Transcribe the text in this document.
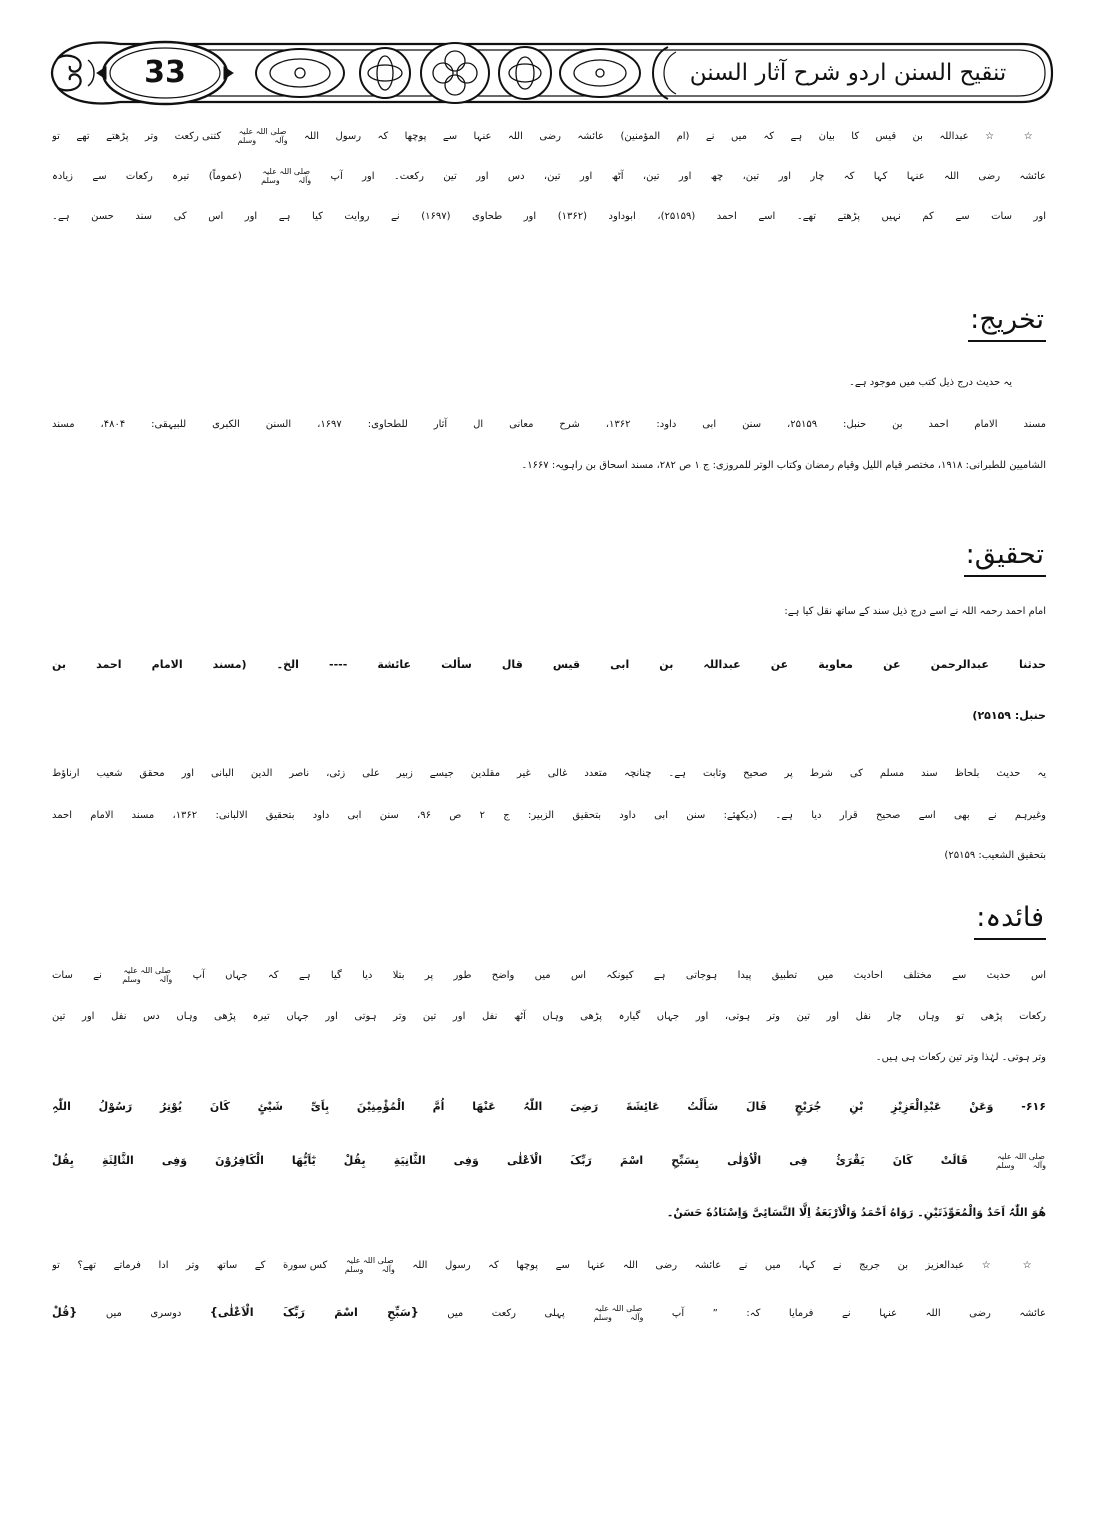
33	تنقیح السنن اردو شرح آثار السنن
☆ ☆ عبداللہ بن قیس کا بیان ہے کہ میں نے (ام المؤمنین) عائشہ رضی اللہ عنہا سے پوچھا کہ رسول اللہ صلی اللہ علیہ وآلہ وسلم کتنی رکعت وتر پڑھتے تھے تو
عائشہ رضی اللہ عنہا کہا کہ چار اور تین، چھ اور تین، آٹھ اور تین، دس اور تین رکعت۔ اور آپ صلی اللہ علیہ وآلہ وسلم (عموماً) تیرہ رکعات سے زیادہ
اور سات سے کم نہیں پڑھتے تھے۔ اسے احمد (۲۵۱۵۹)، ابوداود (۱۳۶۲) اور طحاوی (۱۶۹۷) نے روایت کیا ہے اور اس کی سند حسن ہے۔
تخریج:
یہ حدیث درج ذیل کتب میں موجود ہے۔
مسند الامام احمد بن حنبل: ۲۵۱۵۹، سنن ابی داود: ۱۳۶۲، شرح معانی ال آثار للطحاوی: ۱۶۹۷، السنن الکبری للبیہقی: ۴۸۰۴، مسند
الشامیین للطبرانی: ۱۹۱۸، مختصر قیام اللیل وقیام رمضان وکتاب الوتر للمروزی: ج ۱ ص ۲۸۲، مسند اسحاق بن راہویہ: ۱۶۶۷۔
تحقیق:
امام احمد رحمہ اللہ نے اسے درج ذیل سند کے ساتھ نقل کیا ہے:
حدثنا عبدالرحمن عن معاویة عن عبداللہ بن ابی قیس قال سألت عائشة ---- الخ۔ (مسند الامام احمد بن
حنبل: ۲۵۱۵۹)
یہ حدیث بلحاظ سند مسلم کی شرط پر صحیح وثابت ہے۔ چنانچہ متعدد غالی غیر مقلدین جیسے زبیر علی زئی، ناصر الدین البانی اور محقق شعیب ارناؤط
وغیرہم نے بھی اسے صحیح قرار دیا ہے۔ (دیکھئے: سنن ابی داود بتحقیق الزبیر: ج ۲ ص ۹۶، سنن ابی داود بتحقیق الالبانی: ۱۳۶۲، مسند الامام احمد
بتحقیق الشعیب: ۲۵۱۵۹)
فائدہ:
اس حدیث سے مختلف احادیث میں تطبیق پیدا ہوجاتی ہے کیونکہ اس میں واضح طور پر بتلا دیا گیا ہے کہ جہاں آپ صلی اللہ علیہ وآلہ وسلم نے سات
رکعات پڑھی تو وہاں چار نفل اور تین وتر ہوتی، اور جہاں گیارہ پڑھی وہاں آٹھ نفل اور تین وتر ہوتی اور جہاں تیرہ پڑھی وہاں دس نفل اور تین
وتر ہوتی۔ لہٰذا وتر تین رکعات ہی ہیں۔
۶۱۶- وَعَنْ عَبْدِالْعَزِیْزِ بْنِ جُرَیْجٍ قَالَ سَأَلْتُ عَائِشَةَ رَضِیَ اللّٰہُ عَنْهَا اُمَّ الْمُؤْمِنِیْنَ بِاَیِّ شَیْئٍ کَانَ یُوْتِرُ رَسُوْلُ اللّٰہِ
صلی اللہ علیہ وآلہ وسلم قَالَتْ کَانَ یَقْرَئُ فِی الْاُوْلٰی بِسَبِّحِ اسْمَ رَبِّکَ الْاَعْلٰی وَفِی الثَّانِیَةِ بِقُلْ یٰٓاَیُّهَا الْکَافِرُوْنَ وَفِی الثَّالِثَةِ بِقُلْ
هُوَ اللّٰہُ اَحَدٌ وَالْمُعَوِّذَتَیْنِ۔ رَوَاهُ اَحْمَدُ وَالْاَرْبَعَةُ اِلَّا النَّسَائِیَّ وَاِسْنَادُهٗ حَسَنٌ۔
☆ ☆ عبدالعزیز بن جریج نے کہا، میں نے عائشہ رضی اللہ عنہا سے پوچھا کہ رسول اللہ صلی اللہ علیہ وآلہ وسلم کس سورة کے ساتھ وتر ادا فرماتے تھے؟ تو
عائشہ رضی اللہ عنہا نے فرمایا کہ: ” آپ صلی اللہ علیہ وآلہ وسلم پہلی رکعت میں {سَبِّحِ اسْمَ رَبِّکَ الْاَعْلٰی} دوسری میں {قُلْ
